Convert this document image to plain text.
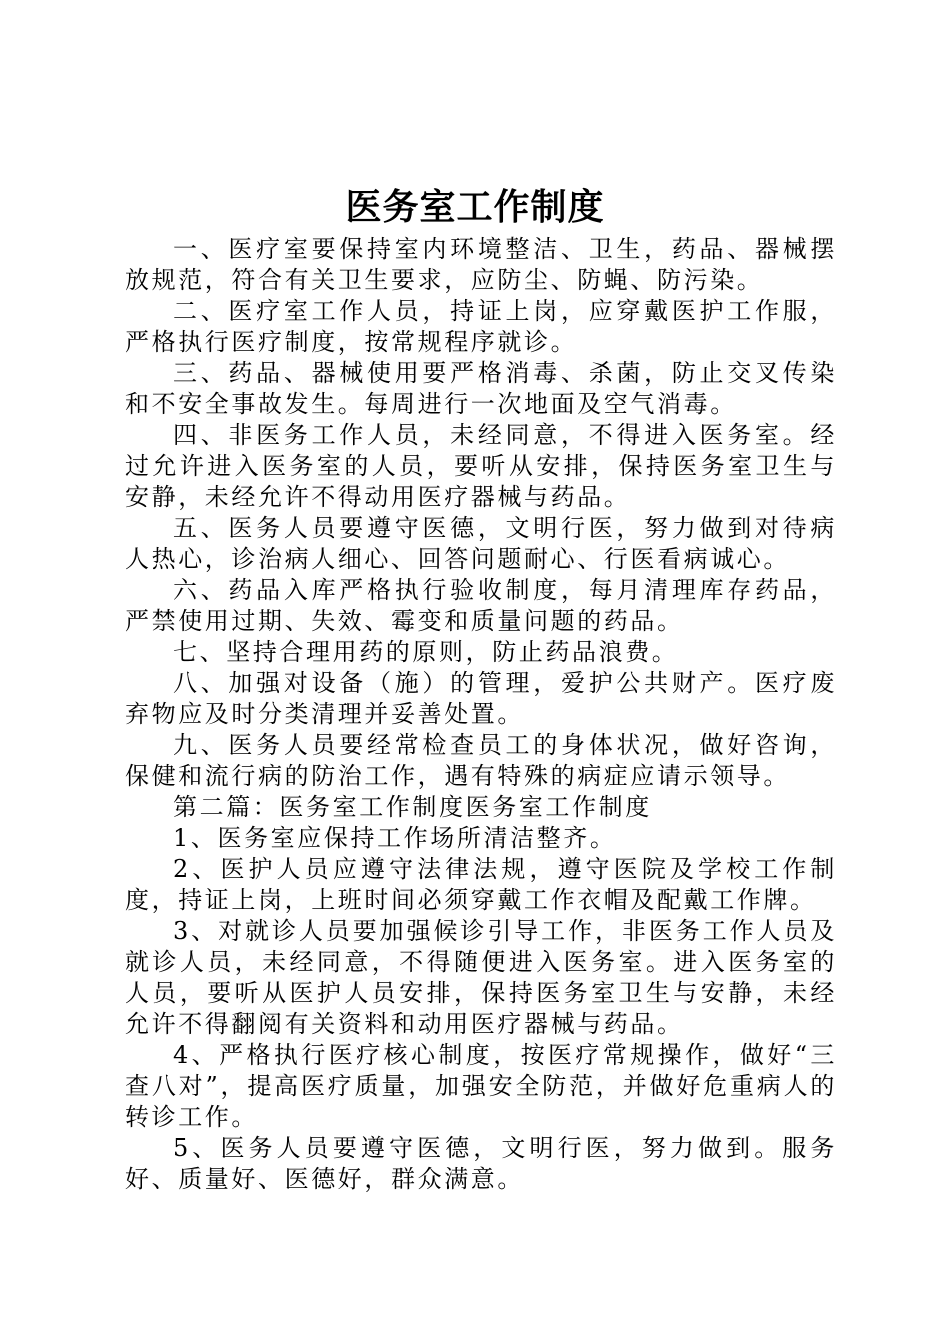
医务室工作制度

一、医疗室要保持室内环境整洁、卫生，药品、器械摆放规范，符合有关卫生要求，应防尘、防蝇、防污染。

二、医疗室工作人员，持证上岗，应穿戴医护工作服，严格执行医疗制度，按常规程序就诊。

三、药品、器械使用要严格消毒、杀菌，防止交叉传染和不安全事故发生。每周进行一次地面及空气消毒。

四、非医务工作人员，未经同意，不得进入医务室。经过允许进入医务室的人员，要听从安排，保持医务室卫生与安静，未经允许不得动用医疗器械与药品。

五、医务人员要遵守医德，文明行医，努力做到对待病人热心，诊治病人细心、回答问题耐心、行医看病诚心。

六、药品入库严格执行验收制度，每月清理库存药品，严禁使用过期、失效、霉变和质量问题的药品。

七、坚持合理用药的原则，防止药品浪费。

八、加强对设备（施）的管理，爱护公共财产。医疗废弃物应及时分类清理并妥善处置。

九、医务人员要经常检查员工的身体状况，做好咨询，保健和流行病的防治工作，遇有特殊的病症应请示领导。

第二篇：医务室工作制度医务室工作制度

1、医务室应保持工作场所清洁整齐。

2、医护人员应遵守法律法规，遵守医院及学校工作制度，持证上岗，上班时间必须穿戴工作衣帽及配戴工作牌。

3、对就诊人员要加强候诊引导工作，非医务工作人员及就诊人员，未经同意，不得随便进入医务室。进入医务室的人员，要听从医护人员安排，保持医务室卫生与安静，未经允许不得翻阅有关资料和动用医疗器械与药品。

4、严格执行医疗核心制度，按医疗常规操作，做好“三查八对”，提高医疗质量，加强安全防范，并做好危重病人的转诊工作。

5、医务人员要遵守医德，文明行医，努力做到。服务好、质量好、医德好，群众满意。
